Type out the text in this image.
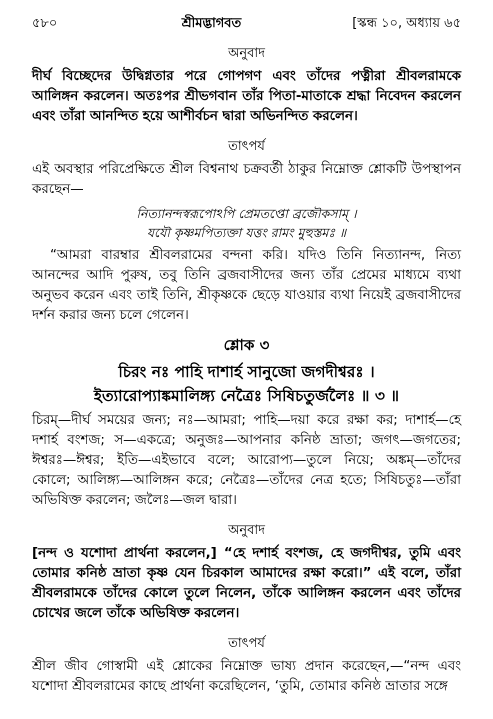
৫৮০	শ্রীমদ্ভাগবত	[স্কন্ধ ১০, অধ্যায় ৬৫
অনুবাদ

দীর্ঘ বিচ্ছেদের উদ্বিগ্নতার পরে গোপগণ এবং তাঁদের পত্নীরা শ্রীবলরামকে আলিঙ্গন করলেন। অতঃপর শ্রীভগবান তাঁর পিতা-মাতাকে শ্রদ্ধা নিবেদন করলেন এবং তাঁরা আনন্দিত হয়ে আশীর্বচন দ্বারা অভিনন্দিত করলেন।

তাৎপর্য

এই অবস্থার পরিপ্রেক্ষিতে শ্রীল বিশ্বনাথ চক্রবর্তী ঠাকুর নিম্নোক্ত শ্লোকটি উপস্থাপন করছেন—

নিত্যানন্দস্বরূপোঽপি প্রেমতপ্তো ব্রজৌকসাম্ ।
যযৌ কৃষ্ণমপিত্যক্তা যত্তং রামং মুহুস্তমঃ ॥

“আমরা বারম্বার শ্রীবলরামের বন্দনা করি। যদিও তিনি নিত্যানন্দ, নিত্য আনন্দের আদি পুরুষ, তবু তিনি ব্রজবাসীদের জন্য তাঁর প্রেমের মাধ্যমে ব্যথা অনুভব করেন এবং তাই তিনি, শ্রীকৃষ্ণকে ছেড়ে যাওয়ার ব্যথা নিয়েই ব্রজবাসীদের দর্শন করার জন্য চলে গেলেন।

শ্লোক ৩
চিরং নঃ পাহি দাশার্হ সানুজো জগদীশ্বরঃ ।
ইত্যারোপ্যাঙ্কমালিঙ্গ্য নেত্রৈঃ সিষিচতুর্জলৈঃ ॥ ৩ ॥

চিরম্—দীর্ঘ সময়ের জন্য; নঃ—আমরা; পাহি—দয়া করে রক্ষা কর; দাশার্হ—হে দশার্হ বংশজ; স—একত্রে; অনুজঃ—আপনার কনিষ্ঠ ভ্রাতা; জগৎ—জগতের; ঈশ্বরঃ—ঈশ্বর; ইতি—এইভাবে বলে; আরোপ্য—তুলে নিয়ে; অঙ্কম্—তাঁদের কোলে; আলিঙ্গ্য—আলিঙ্গন করে; নেত্রৈঃ—তাঁদের নেত্র হতে; সিষিচতুঃ—তাঁরা অভিষিক্ত করলেন; জলৈঃ—জল দ্বারা।

অনুবাদ

[নন্দ ও যশোদা প্রার্থনা করলেন,] “হে দশার্হ বংশজ, হে জগদীশ্বর, তুমি এবং তোমার কনিষ্ঠ ভ্রাতা কৃষ্ণ যেন চিরকাল আমাদের রক্ষা করো।” এই বলে, তাঁরা শ্রীবলরামকে তাঁদের কোলে তুলে নিলেন, তাঁকে আলিঙ্গন করলেন এবং তাঁদের চোখের জলে তাঁকে অভিষিক্ত করলেন।

তাৎপর্য

শ্রীল জীব গোস্বামী এই শ্লোকের নিম্নোক্ত ভাষ্য প্রদান করেছেন,—“নন্দ এবং যশোদা শ্রীবলরামের কাছে প্রার্থনা করেছিলেন, ‘তুমি, তোমার কনিষ্ঠ ভ্রাতার সঙ্গে
